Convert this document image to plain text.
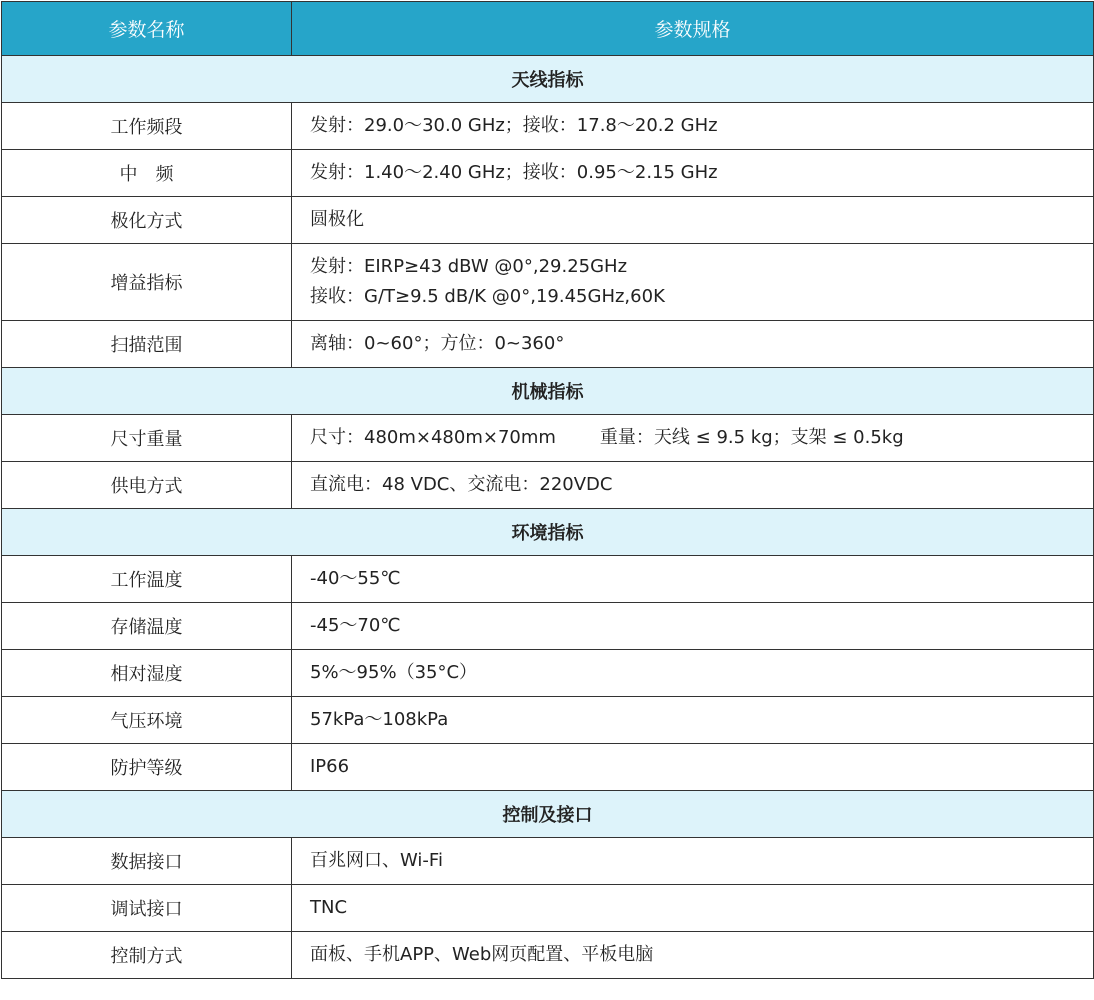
参数名称	参数规格
天线指标	
工作频段	发射：29.0～30.0 GHz；接收：17.8～20.2 GHz
中　频	发射：1.40～2.40 GHz；接收：0.95～2.15 GHz
极化方式	圆极化
增益指标	发射：EIRP≥43 dBW @0°,29.25GHz
接收：G/T≥9.5 dB/K @0°,19.45GHz,60K

扫描范围	离轴：0~60°；方位：0~360°
机械指标	
尺寸重量	尺寸：480m×480m×70mm 重量：天线 ≤ 9.5 kg；支架 ≤ 0.5kg
供电方式	直流电：48 VDC、交流电：220VDC
环境指标	
工作温度	-40～55℃
存储温度	-45～70℃
相对湿度	5%～95%（35°C）
气压环境	57kPa～108kPa
防护等级	IP66
控制及接口	
数据接口	百兆网口、Wi-Fi
调试接口	TNC
控制方式	面板、手机APP、Web网页配置、平板电脑
